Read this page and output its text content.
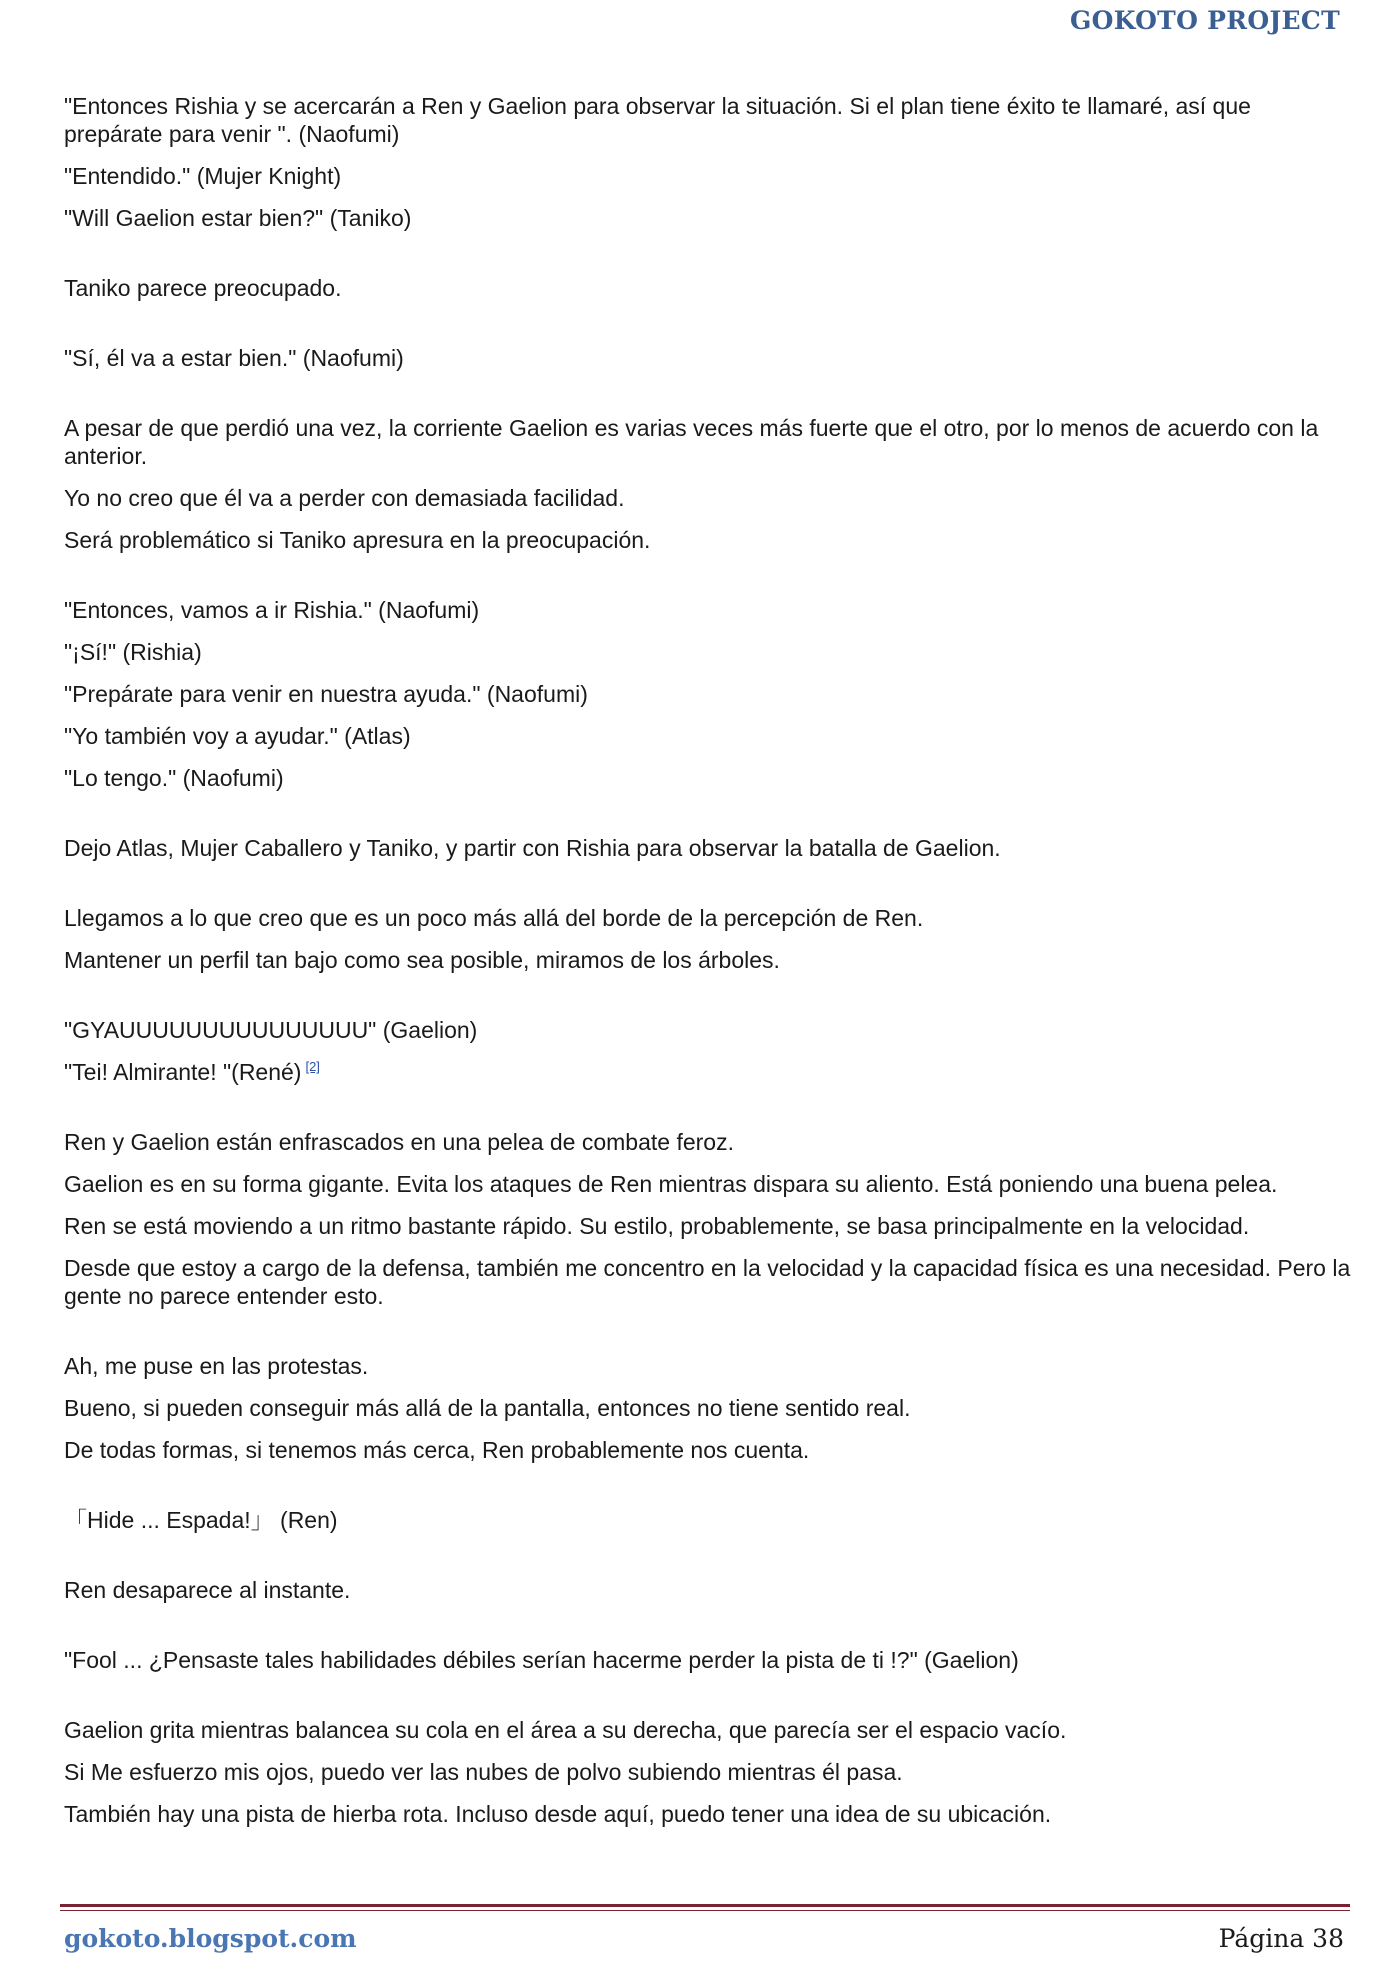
GOKOTO PROJECT

"Entonces Rishia y se acercarán a Ren y Gaelion para observar la situación. Si el plan tiene éxito te llamaré, así que prepárate para venir ". (Naofumi)

"Entendido." (Mujer Knight)

"Will Gaelion estar bien?" (Taniko)

Taniko parece preocupado.

"Sí, él va a estar bien." (Naofumi)

A pesar de que perdió una vez, la corriente Gaelion es varias veces más fuerte que el otro, por lo menos de acuerdo con la anterior.

Yo no creo que él va a perder con demasiada facilidad.

Será problemático si Taniko apresura en la preocupación.

"Entonces, vamos a ir Rishia." (Naofumi)

"¡Sí!" (Rishia)

"Prepárate para venir en nuestra ayuda." (Naofumi)

"Yo también voy a ayudar." (Atlas)

"Lo tengo." (Naofumi)

Dejo Atlas, Mujer Caballero y Taniko, y partir con Rishia para observar la batalla de Gaelion.

Llegamos a lo que creo que es un poco más allá del borde de la percepción de Ren.

Mantener un perfil tan bajo como sea posible, miramos de los árboles.

"GYAUUUUUUUUUUUUUUU" (Gaelion)

"Tei! Almirante! "(René) [2]

Ren y Gaelion están enfrascados en una pelea de combate feroz.

Gaelion es en su forma gigante. Evita los ataques de Ren mientras dispara su aliento. Está poniendo una buena pelea.

Ren se está moviendo a un ritmo bastante rápido. Su estilo, probablemente, se basa principalmente en la velocidad.

Desde que estoy a cargo de la defensa, también me concentro en la velocidad y la capacidad física es una necesidad. Pero la gente no parece entender esto.

Ah, me puse en las protestas.

Bueno, si pueden conseguir más allá de la pantalla, entonces no tiene sentido real.

De todas formas, si tenemos más cerca, Ren probablemente nos cuenta.

「Hide ... Espada!」 (Ren)

Ren desaparece al instante.

"Fool ... ¿Pensaste tales habilidades débiles serían hacerme perder la pista de ti !?" (Gaelion)

Gaelion grita mientras balancea su cola en el área a su derecha, que parecía ser el espacio vacío.

Si Me esfuerzo mis ojos, puedo ver las nubes de polvo subiendo mientras él pasa.

También hay una pista de hierba rota. Incluso desde aquí, puedo tener una idea de su ubicación.

gokoto.blogspot.com	Página 38
